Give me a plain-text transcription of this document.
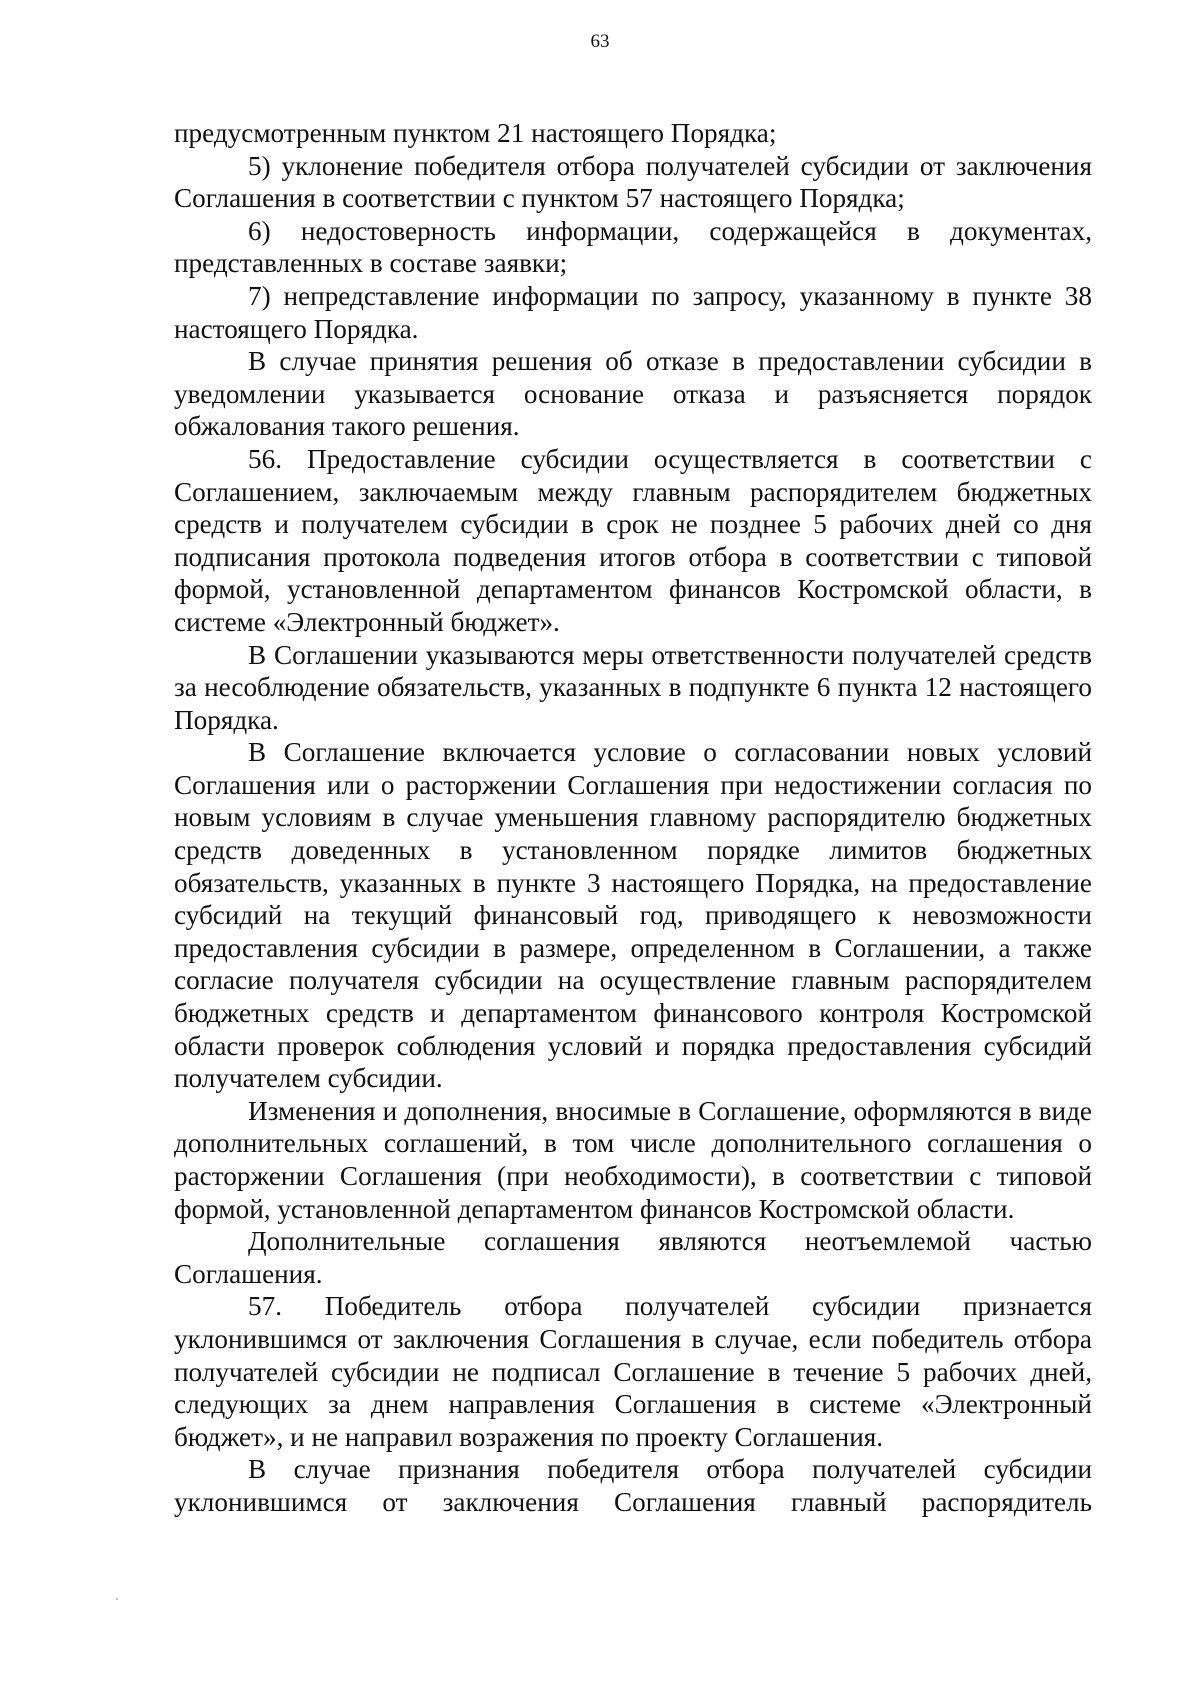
63

предусмотренным пунктом 21 настоящего Порядка;

5) уклонение победителя отбора получателей субсидии от заключения Соглашения в соответствии с пунктом 57 настоящего Порядка;

6) недостоверность информации, содержащейся в документах, представленных в составе заявки;

7) непредставление информации по запросу, указанному в пункте 38 настоящего Порядка.

В случае принятия решения об отказе в предоставлении субсидии в уведомлении указывается основание отказа и разъясняется порядок обжалования такого решения.

56. Предоставление субсидии осуществляется в соответствии с Соглашением, заключаемым между главным распорядителем бюджетных средств и получателем субсидии в срок не позднее 5 рабочих дней со дня подписания протокола подведения итогов отбора в соответствии с типовой формой, установленной департаментом финансов Костромской области, в системе «Электронный бюджет».

В Соглашении указываются меры ответственности получателей средств за несоблюдение обязательств, указанных в подпункте 6 пункта 12 настоящего Порядка.

В Соглашение включается условие о согласовании новых условий Соглашения или о расторжении Соглашения при недостижении согласия по новым условиям в случае уменьшения главному распорядителю бюджетных средств доведенных в установленном порядке лимитов бюджетных обязательств, указанных в пункте 3 настоящего Порядка, на предоставление субсидий на текущий финансовый год, приводящего к невозможности предоставления субсидии в размере, определенном в Соглашении, а также согласие получателя субсидии на осуществление главным распорядителем бюджетных средств и департаментом финансового контроля Костромской области проверок соблюдения условий и порядка предоставления субсидий получателем субсидии.

Изменения и дополнения, вносимые в Соглашение, оформляются в виде дополнительных соглашений, в том числе дополнительного соглашения о расторжении Соглашения (при необходимости), в соответствии с типовой формой, установленной департаментом финансов Костромской области.

Дополнительные соглашения являются неотъемлемой частью Соглашения.

57. Победитель отбора получателей субсидии признается уклонившимся от заключения Соглашения в случае, если победитель отбора получателей субсидии не подписал Соглашение в течение 5 рабочих дней, следующих за днем направления Соглашения в системе «Электронный бюджет», и не направил возражения по проекту Соглашения.

В случае признания победителя отбора получателей субсидии уклонившимся от заключения Соглашения главный распорядитель
